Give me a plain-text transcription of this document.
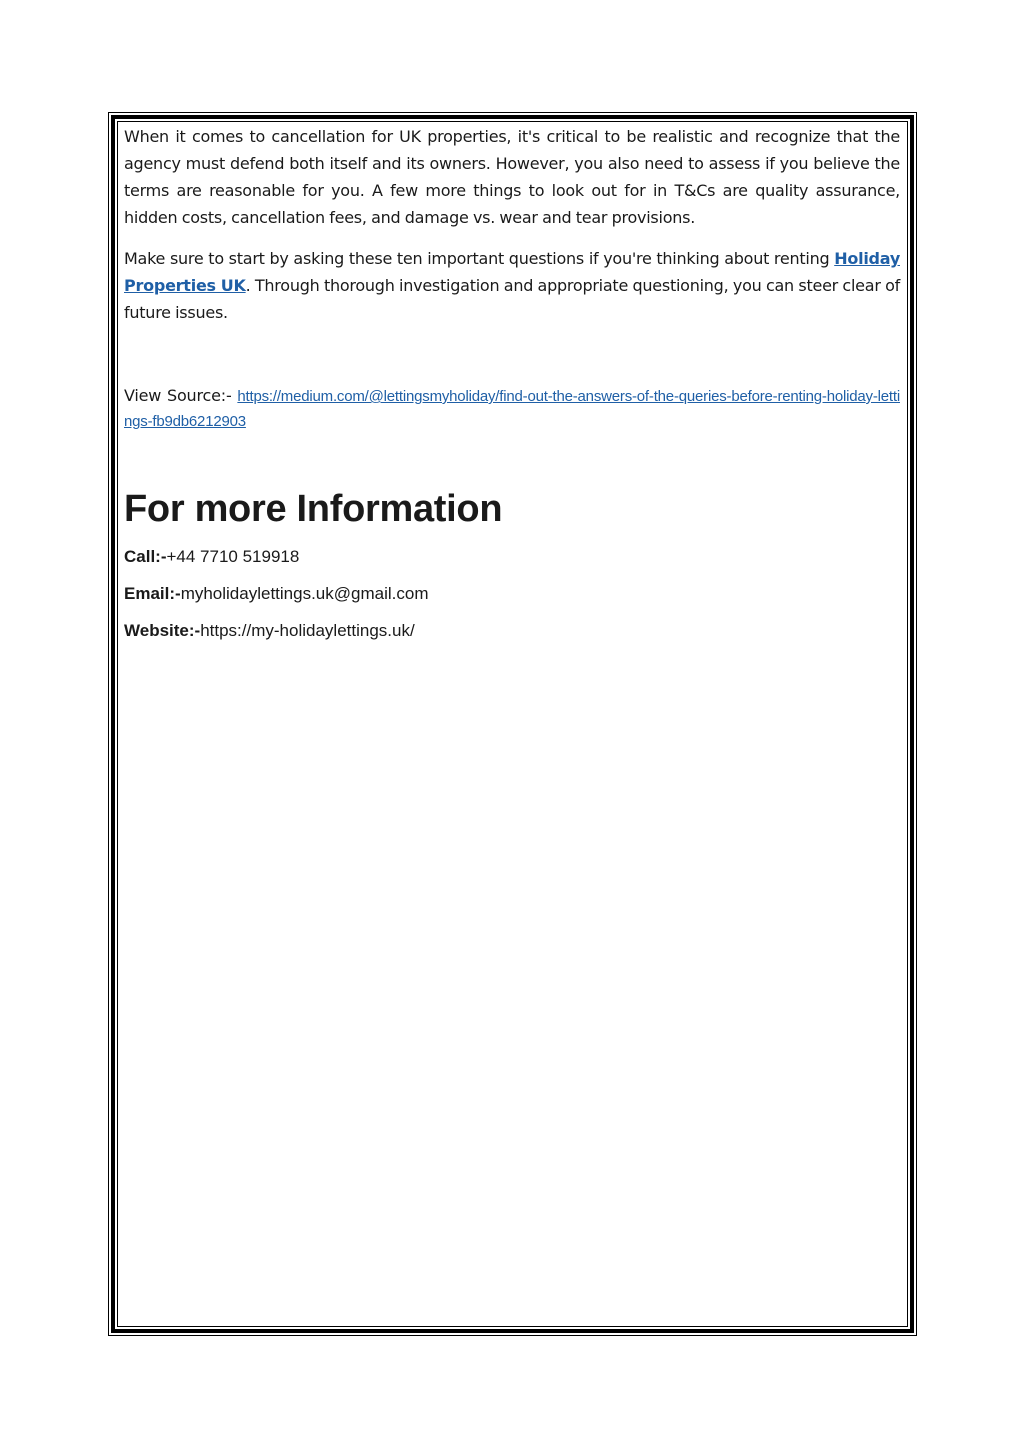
When it comes to cancellation for UK properties, it's critical to be realistic and recognize that the agency must defend both itself and its owners. However, you also need to assess if you believe the terms are reasonable for you. A few more things to look out for in T&Cs are quality assurance, hidden costs, cancellation fees, and damage vs. wear and tear provisions.

Make sure to start by asking these ten important questions if you're thinking about renting Holiday Properties UK. Through thorough investigation and appropriate questioning, you can steer clear of future issues.

View Source:- https://medium.com/@lettingsmyholiday/find-out-the-answers-of-the-queries-before-renting-holiday-lettings-fb9db6212903
For more Information

Call:-+44 7710 519918

Email:-myholidaylettings.uk@gmail.com

Website:-https://my-holidaylettings.uk/
